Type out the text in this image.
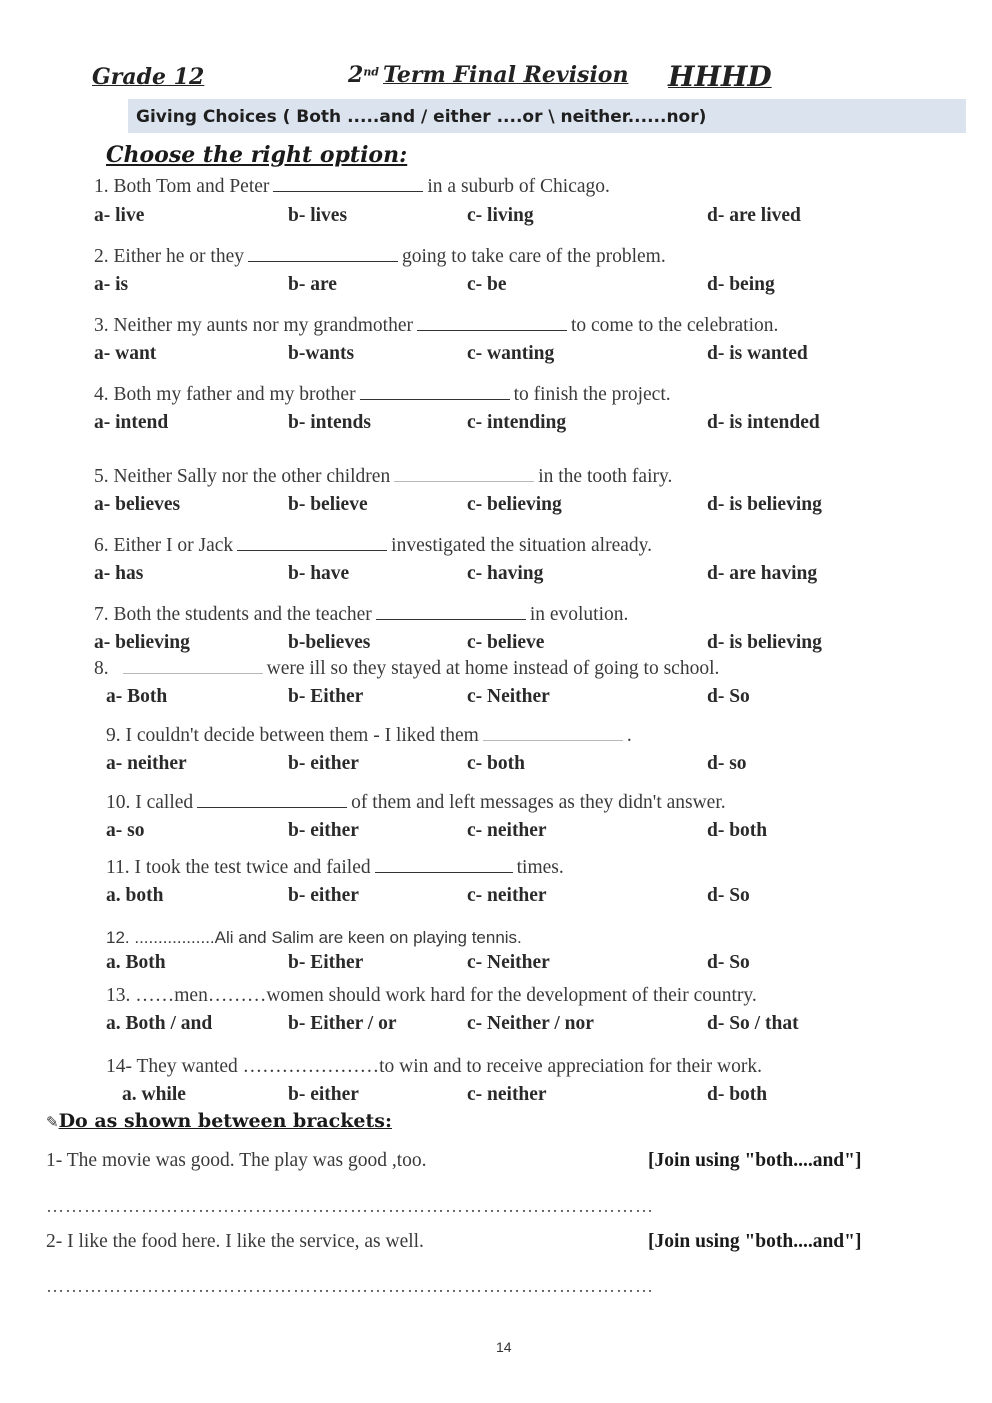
Grade 12	2nd Term Final Revision HHHD
Giving Choices ( Both .....and / either ....or \ neither......nor)
Choose the right option:
1. Both Tom and Peter	in a suburb of Chicago.
a- live	b- lives	c- living	d- are lived
2. Either he or they	going to take care of the problem.
a- is	b- are	c- be	d- being
3. Neither my aunts nor my grandmother	to come to the celebration.
a- want	b-wants	c- wanting	d- is wanted
4. Both my father and my brother	to finish the project.
a- intend	b- intends	c- intending	d- is intended
5. Neither Sally nor the other children	in the tooth fairy.
a- believes	b- believe	c- believing	d- is believing
6. Either I or Jack	investigated the situation already.
a- has	b- have	c- having	d- are having
7. Both the students and the teacher	in evolution.
a- believing	b-believes	c- believe	d- is believing
8.	were ill so they stayed at home instead of going to school.
a- Both	b- Either	c- Neither	d- So
9. I couldn't decide between them - I liked them	.
a- neither	b- either	c- both	d- so
10. I called	of them and left messages as they didn't answer.
a- so	b- either	c- neither	d- both
11. I took the test twice and failed	times.
a. both	b- either	c- neither	d- So
12. .................Ali and Salim are keen on playing tennis.
a. Both	b- Either	c- Neither	d- So
13. ……men………women should work hard for the development of their country.
a. Both / and	b- Either / or	c- Neither / nor	d- So / that
14- They wanted …………………to win and to receive appreciation for their work.
a. while	b- either	c- neither	d- both
✎Do as shown between brackets:
1- The movie was good. The play was good ,too.	[Join using "both....and"]
……………………………………………………………………………………
2- I like the food here. I like the service, as well.	[Join using "both....and"]
……………………………………………………………………………………
14
